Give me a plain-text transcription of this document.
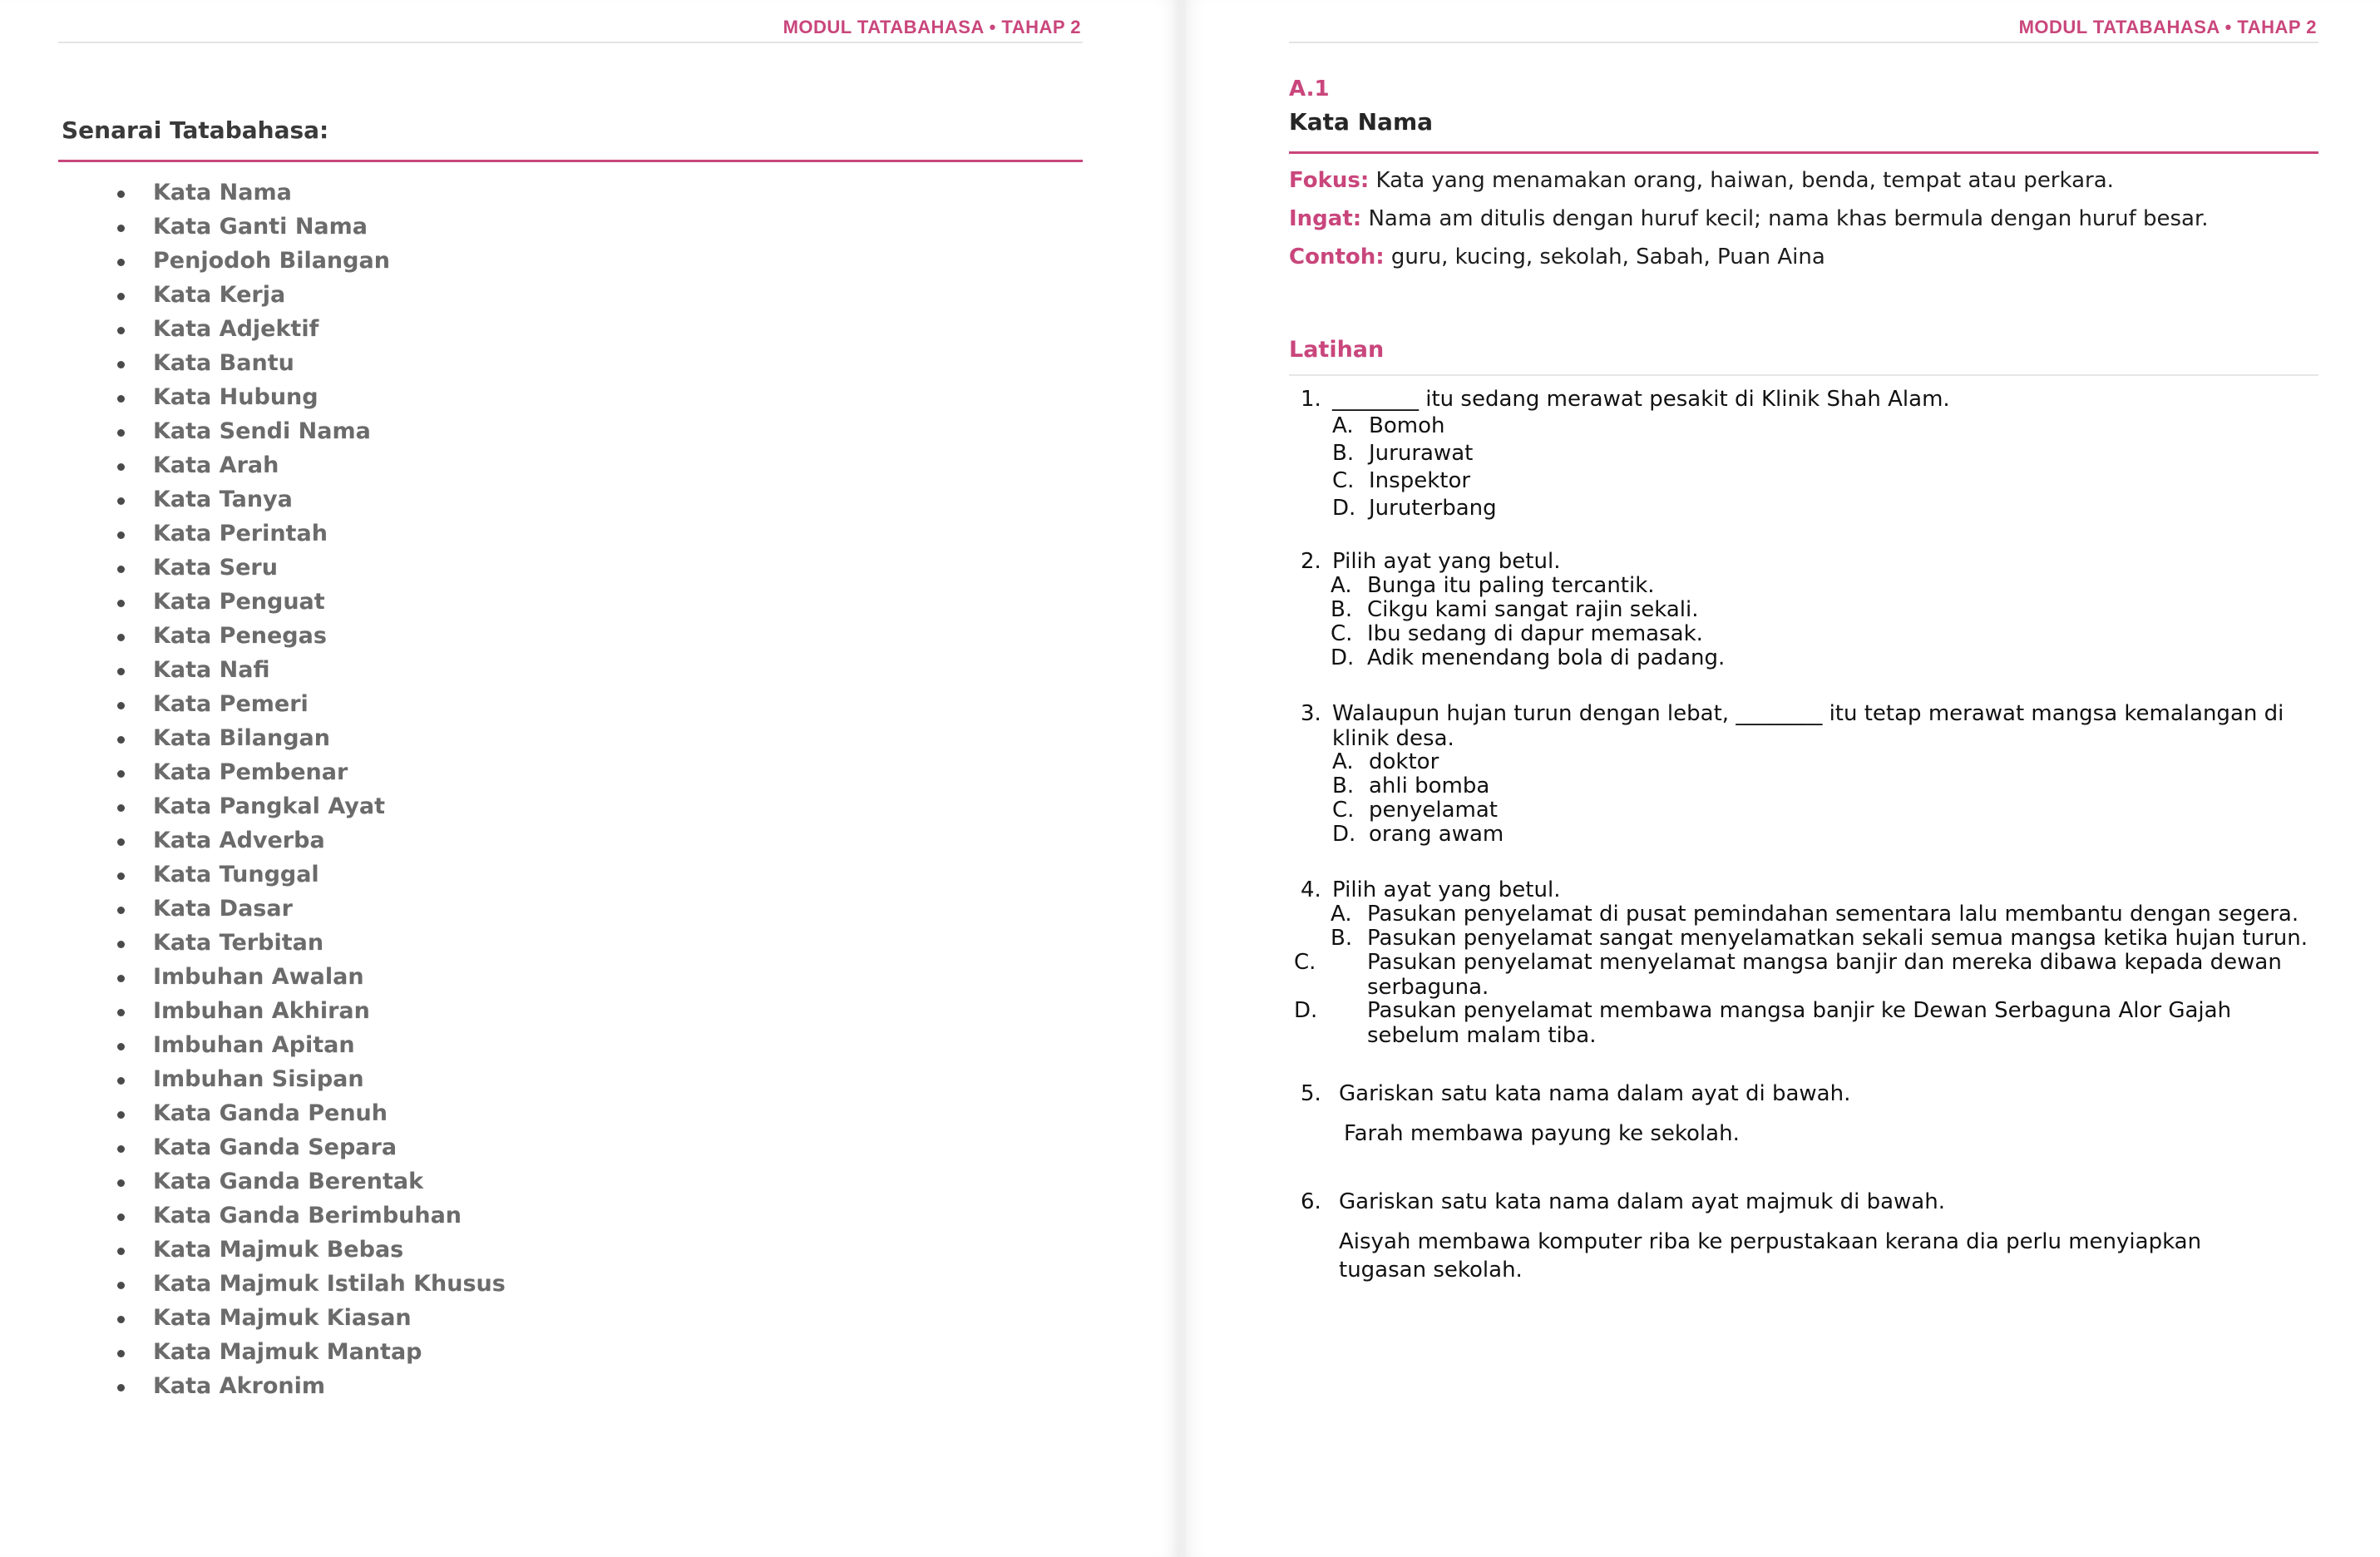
MODUL TATABAHASA • TAHAP 2
Senarai Tatabahasa:
Kata Nama
Kata Ganti Nama
Penjodoh Bilangan
Kata Kerja
Kata Adjektif
Kata Bantu
Kata Hubung
Kata Sendi Nama
Kata Arah
Kata Tanya
Kata Perintah
Kata Seru
Kata Penguat
Kata Penegas
Kata Nafi
Kata Pemeri
Kata Bilangan
Kata Pembenar
Kata Pangkal Ayat
Kata Adverba
Kata Tunggal
Kata Dasar
Kata Terbitan
Imbuhan Awalan
Imbuhan Akhiran
Imbuhan Apitan
Imbuhan Sisipan
Kata Ganda Penuh
Kata Ganda Separa
Kata Ganda Berentak
Kata Ganda Berimbuhan
Kata Majmuk Bebas
Kata Majmuk Istilah Khusus
Kata Majmuk Kiasan
Kata Majmuk Mantap
Kata Akronim
MODUL TATABAHASA • TAHAP 2
A.1
Kata Nama
Fokus: Kata yang menamakan orang, haiwan, benda, tempat atau perkara.
Ingat: Nama am ditulis dengan huruf kecil; nama khas bermula dengan huruf besar.
Contoh: guru, kucing, sekolah, Sabah, Puan Aina
Latihan
1. ________ itu sedang merawat pesakit di Klinik Shah Alam.
A. Bomoh
B. Jururawat
C. Inspektor
D. Juruterbang
2. Pilih ayat yang betul.
A. Bunga itu paling tercantik.
B. Cikgu kami sangat rajin sekali.
C. Ibu sedang di dapur memasak.
D. Adik menendang bola di padang.
3. Walaupun hujan turun dengan lebat, ________ itu tetap merawat mangsa kemalangan di klinik desa.
A. doktor
B. ahli bomba
C. penyelamat
D. orang awam
4. Pilih ayat yang betul.
A. Pasukan penyelamat di pusat pemindahan sementara lalu membantu dengan segera.
B. Pasukan penyelamat sangat menyelamatkan sekali semua mangsa ketika hujan turun.
C. Pasukan penyelamat menyelamat mangsa banjir dan mereka dibawa kepada dewan serbaguna.
D. Pasukan penyelamat membawa mangsa banjir ke Dewan Serbaguna Alor Gajah sebelum malam tiba.
5. Gariskan satu kata nama dalam ayat di bawah.
Farah membawa payung ke sekolah.
6. Gariskan satu kata nama dalam ayat majmuk di bawah.
Aisyah membawa komputer riba ke perpustakaan kerana dia perlu menyiapkan tugasan sekolah.
